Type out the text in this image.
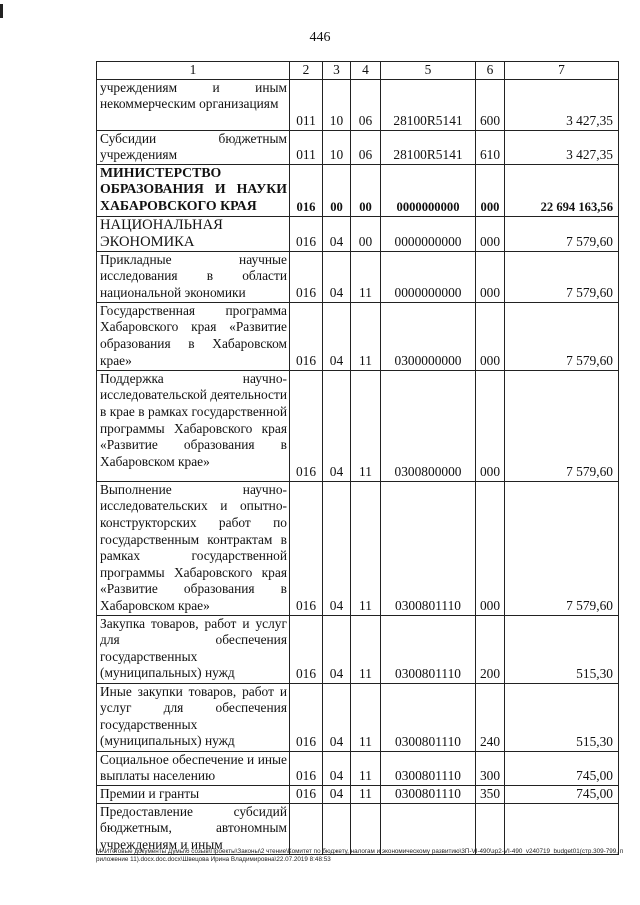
446
1	2	3	4	5	6	7
учреждениям и иным некоммерческим организациям	011	10	06	28100R5141	600	3 427,35
Субсидии бюджетным учреждениям	011	10	06	28100R5141	610	3 427,35
МИНИСТЕРСТВО ОБРАЗОВАНИЯ И НАУКИ ХАБАРОВСКОГО КРАЯ	016	00	00	0000000000	000	22 694 163,56
НАЦИОНАЛЬНАЯ ЭКОНОМИКА	016	04	00	0000000000	000	7 579,60
Прикладные научные исследования в области национальной экономики	016	04	11	0000000000	000	7 579,60
Государственная программа Хабаровского края «Развитие образования в Хабаровском крае»	016	04	11	0300000000	000	7 579,60
Поддержка научно-исследовательской деятельности в крае в рамках государственной программы Хабаровского края «Развитие образования в Хабаровском крае»	016	04	11	0300800000	000	7 579,60
Выполнение научно-исследовательских и опытно-конструкторских работ по государственным контрактам в рамках государственной программы Хабаровского края «Развитие образования в Хабаровском крае»	016	04	11	0300801110	000	7 579,60
Закупка товаров, работ и услуг для обеспечения государственных (муниципальных) нужд	016	04	11	0300801110	200	515,30
Иные закупки товаров, работ и услуг для обеспечения государственных (муниципальных) нужд	016	04	11	0300801110	240	515,30
Социальное обеспечение и иные выплаты населению	016	04	11	0300801110	300	745,00
Премии и гранты	016	04	11	0300801110	350	745,00
Предоставление субсидий бюджетным, автономным учреждениям и иным						
M:\Итоговые документы Думы\6 созыв\Проекты\Законы\2 чтение\Комитет по бюджету, налогам и экономическому развитию\3П-VI-490\зр2-VI-490_v240719_budget01(стр.309-799, приложение 11).docx.doc.docx\Швецова Ирина Владимировна\22.07.2019 8:48:53
